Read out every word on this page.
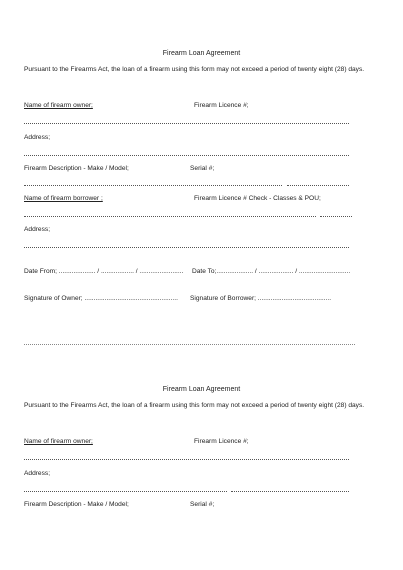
Firearm Loan Agreement
Pursuant to the Firearms Act, the loan of a firearm using this form may not exceed a period of twenty eight (28) days.
Name of firearm owner;	Firearm Licence #;
Address;
Firearm Description - Make / Model;	Serial #;
Name of firearm borrower ;	Firearm Licence # Check - Classes & POU;
Address;
Date From; .................... / .................. / ........................ Date To;.................... / ................... / ............................
Signature of Owner; ................................................... Signature of Borrower; ........................................
Firearm Loan Agreement
Pursuant to the Firearms Act, the loan of a firearm using this form may not exceed a period of twenty eight (28) days.
Name of firearm owner;	Firearm Licence #;
Address;
Firearm Description - Make / Model;	Serial #;
